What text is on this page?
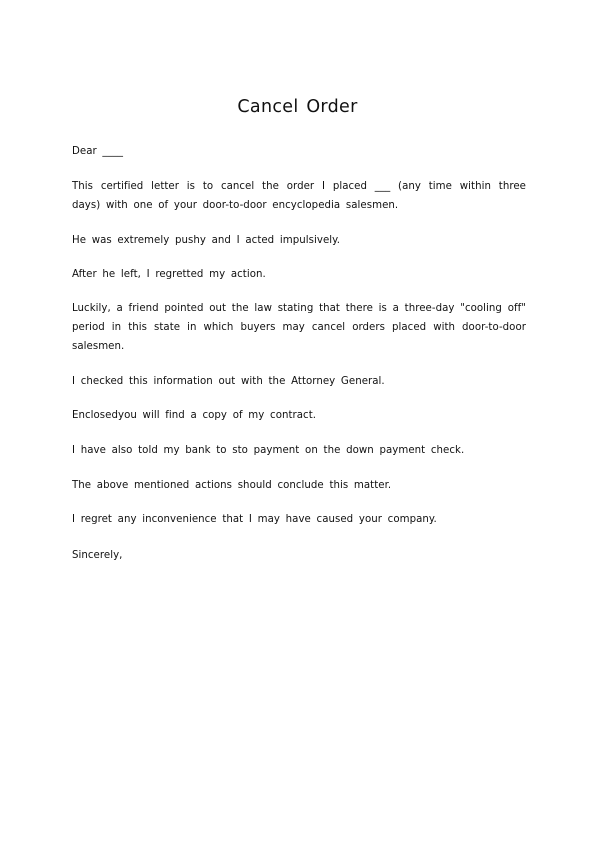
Cancel Order

Dear ____

This certified letter is to cancel the order I placed ___ (any time within three days) with one of your door-to-door encyclopedia salesmen.

He was extremely pushy and I acted impulsively.

After he left, I regretted my action.

Luckily, a friend pointed out the law stating that there is a three-day "cooling off" period in this state in which buyers may cancel orders placed with door-to-door salesmen.

I checked this information out with the Attorney General.

Enclosedyou will find a copy of my contract.

I have also told my bank to sto payment on the down payment check.

The above mentioned actions should conclude this matter.

I regret any inconvenience that I may have caused your company.

Sincerely,
